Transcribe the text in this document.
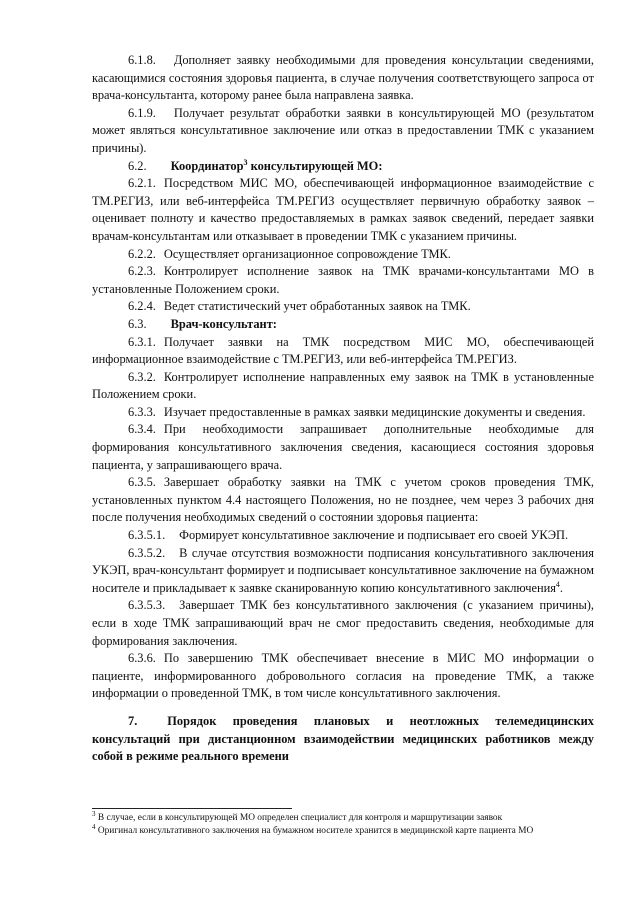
6.1.8. Дополняет заявку необходимыми для проведения консультации сведениями, касающимися состояния здоровья пациента, в случае получения соответствующего запроса от врача-консультанта, которому ранее была направлена заявка.

6.1.9. Получает результат обработки заявки в консультирующей МО (результатом может являться консультативное заключение или отказ в предоставлении ТМК с указанием причины).

6.2. Координатор$^3$ консультирующей МО:

6.2.1. Посредством МИС МО, обеспечивающей информационное взаимодействие с ТМ.РЕГИЗ, или веб-интерфейса ТМ.РЕГИЗ осуществляет первичную обработку заявок – оценивает полноту и качество предоставляемых в рамках заявок сведений, передает заявки врачам-консультантам или отказывает в проведении ТМК с указанием причины.

6.2.2. Осуществляет организационное сопровождение ТМК.

6.2.3. Контролирует исполнение заявок на ТМК врачами-консультантами МО в установленные Положением сроки.

6.2.4. Ведет статистический учет обработанных заявок на ТМК.

6.3. Врач-консультант:

6.3.1. Получает заявки на ТМК посредством МИС МО, обеспечивающей информационное взаимодействие с ТМ.РЕГИЗ, или веб-интерфейса ТМ.РЕГИЗ.

6.3.2. Контролирует исполнение направленных ему заявок на ТМК в установленные Положением сроки.

6.3.3. Изучает предоставленные в рамках заявки медицинские документы и сведения.

6.3.4. При необходимости запрашивает дополнительные необходимые для формирования консультативного заключения сведения, касающиеся состояния здоровья пациента, у запрашивающего врача.

6.3.5. Завершает обработку заявки на ТМК с учетом сроков проведения ТМК, установленных пунктом 4.4 настоящего Положения, но не позднее, чем через 3 рабочих дня после получения необходимых сведений о состоянии здоровья пациента:

6.3.5.1. Формирует консультативное заключение и подписывает его своей УКЭП.

6.3.5.2. В случае отсутствия возможности подписания консультативного заключения УКЭП, врач-консультант формирует и подписывает консультативное заключение на бумажном носителе и прикладывает к заявке сканированную копию консультативного заключения$^4$.

6.3.5.3. Завершает ТМК без консультативного заключения (с указанием причины), если в ходе ТМК запрашивающий врач не смог предоставить сведения, необходимые для формирования заключения.

6.3.6. По завершению ТМК обеспечивает внесение в МИС МО информации о пациенте, информированного добровольного согласия на проведение ТМК, а также информации о проведенной ТМК, в том числе консультативного заключения.

7. Порядок проведения плановых и неотложных телемедицинских консультаций при дистанционном взаимодействии медицинских работников между собой в режиме реального времени

$^3$ В случае, если в консультирующей МО определен специалист для контроля и маршрутизации заявок
$^4$ Оригинал консультативного заключения на бумажном носителе хранится в медицинской карте пациента МО
